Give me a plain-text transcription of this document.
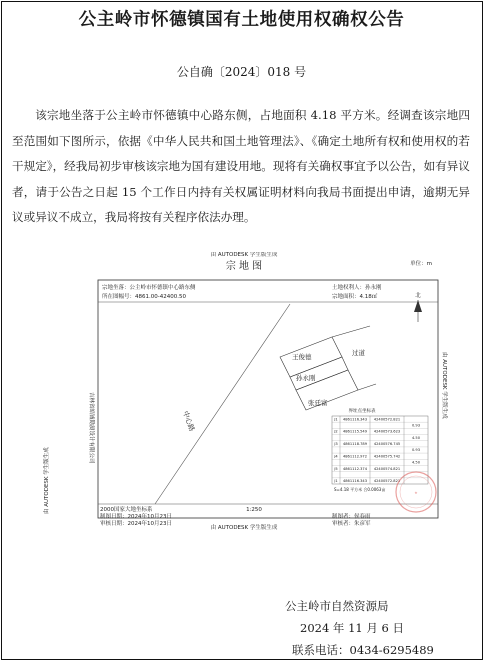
公主岭市怀德镇国有土地使用权确权公告
公自确〔2024〕018 号

该宗地坐落于公主岭市怀德镇中心路东侧，占地面积 4.18 平方米。经调查该宗地四至范围如下图所示，依据《中华人民共和国土地管理法》、《确定土地所有权和使用权的若干规定》，经我局初步审核该宗地为国有建设用地。现将有关确权事宜予以公告，如有异议者，请于公告之日起 15 个工作日内持有关权属证明材料向我局书面提出申请，逾期无异议或异议不成立，我局将按有关程序依法办理。

由 AUTODESK 学生版生成
由 AUTODESK 学生版生成
单位：m
宗 地 图
宗地坐落：公主岭市怀德镇中心路东侧
所在图幅号：4861.00-42400.50
土地权利人：孙永刚
宗地面积：4.18㎡
由 AUTODESK 学生版生成
由 AUTODESK 学生版生成
吉林省皓铖勘测设计有限公司
北
中心路
王俊德
孙永刚
张廷富
过道
界址点坐标表
J1 4861116.343 42400572.821
0.93
J2 4861115.549 42400573.623
4.50
J3 4861118.789 42400576.745
0.93
J4 4861112.972 42400575.742
4.50
J5 4861112.374 42400574.821
J1 4861116.343 42400572.821
S=4.18 平方米 合0.0063亩
2000国家大地坐标系
制图日期：2024年10月23日
审核日期：2024年10月23日
1:250
制图者：侯春雨
审核者：朱彦军
★
公主岭市自然资源局
2024 年 11 月 6 日
联系电话：0434-6295489
